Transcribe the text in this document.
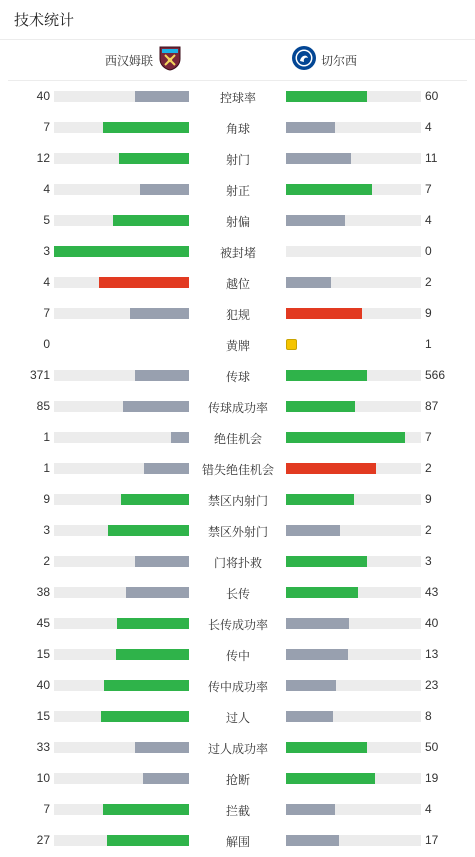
技术统计
西汉姆联	切尔西
40	控球率	60
7	角球	4
12	射门	11
4	射正	7
5	射偏	4
3	被封堵	0
4	越位	2
7	犯规	9
0	黄牌	1
371	传球	566
85	传球成功率	87
1	绝佳机会	7
1	错失绝佳机会	2
9	禁区内射门	9
3	禁区外射门	2
2	门将扑救	3
38	长传	43
45	长传成功率	40
15	传中	13
40	传中成功率	23
15	过人	8
33	过人成功率	50
10	抢断	19
7	拦截	4
27	解围	17
